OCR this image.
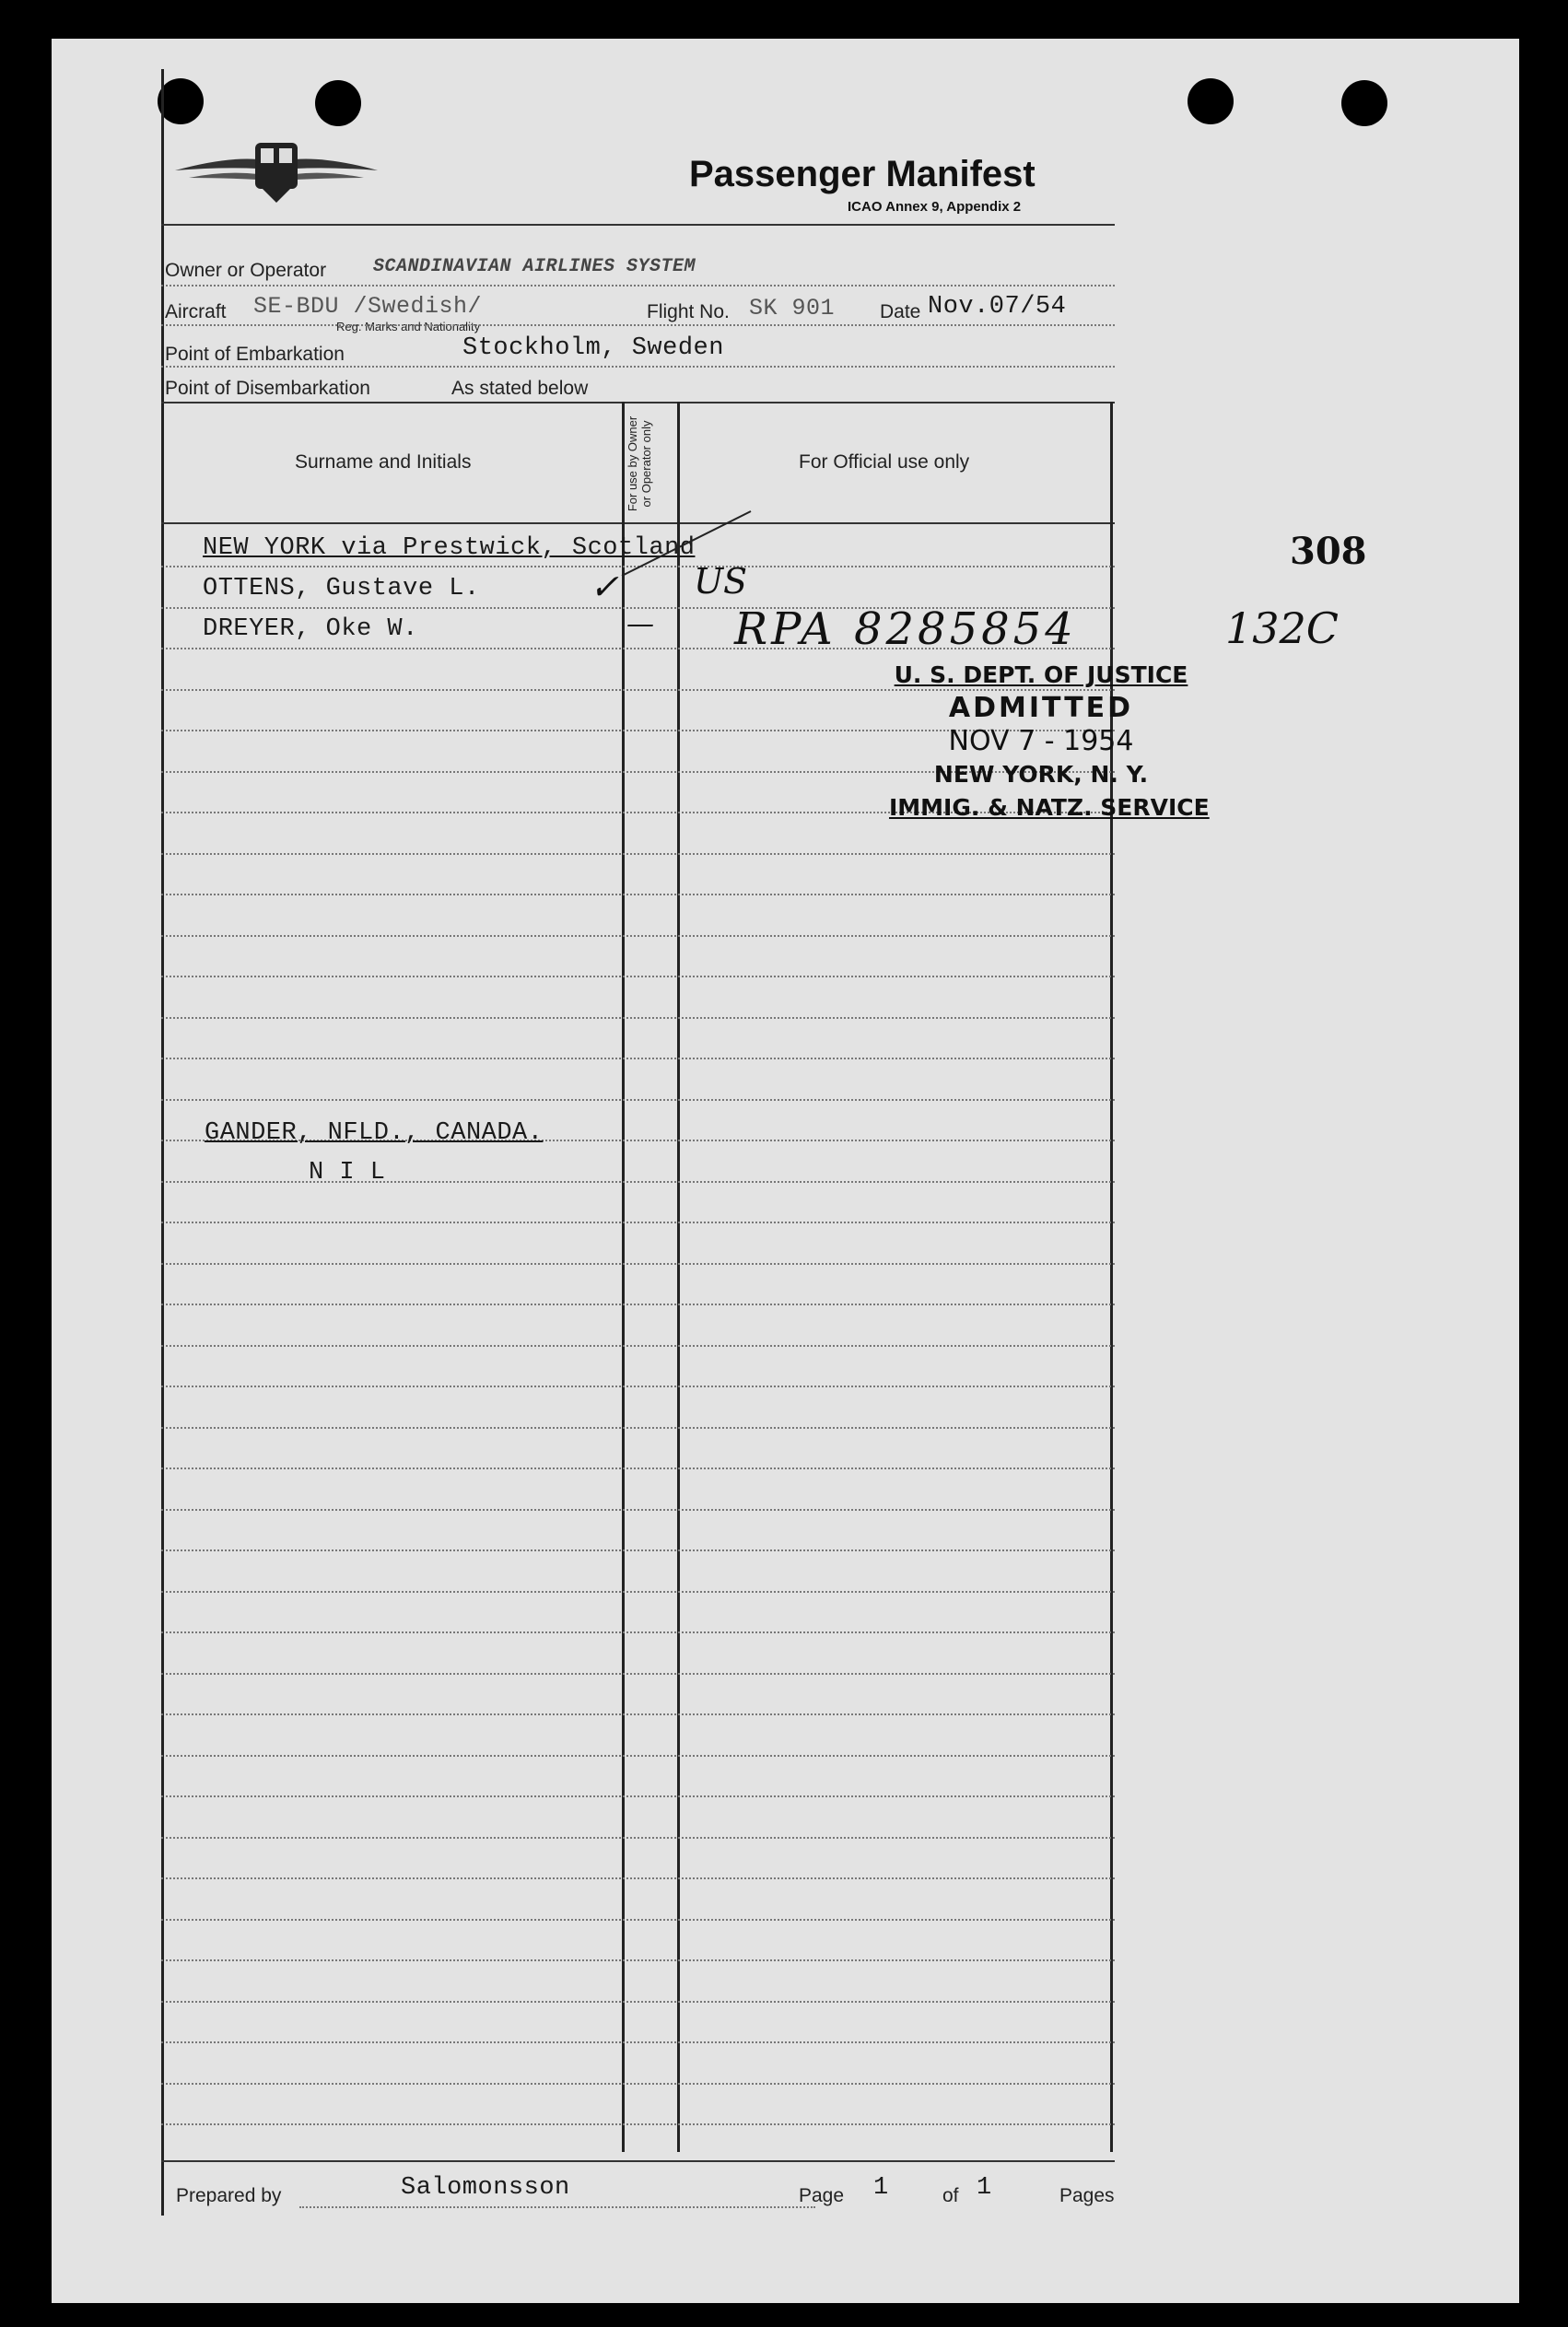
Passenger Manifest
ICAO Annex 9, Appendix 2
Owner or Operator	SCANDINAVIAN AIRLINES SYSTEM
Aircraft SE-BDU /Swedish/
Reg. Marks and Nationality
Flight No. SK 901 Date Nov.07/54
Point of Embarkation	Stockholm, Sweden
Point of Disembarkation	As stated below
Surname and Initials	For use by Owner or Operator only	For Official use only
NEW YORK via Prestwick, Scotland
OTTENS, Gustave L.	✓ US
DREYER, Oke W.	— RPA 8285854
GANDER, NFLD., CANADA.
N I L
U. S. DEPT. OF JUSTICE
ADMITTED
NOV 7 - 1954
NEW YORK, N. Y.
IMMIG. & NATZ. SERVICE
Prepared by	Salomonsson	Page 1	of 1	Pages
308
132C
